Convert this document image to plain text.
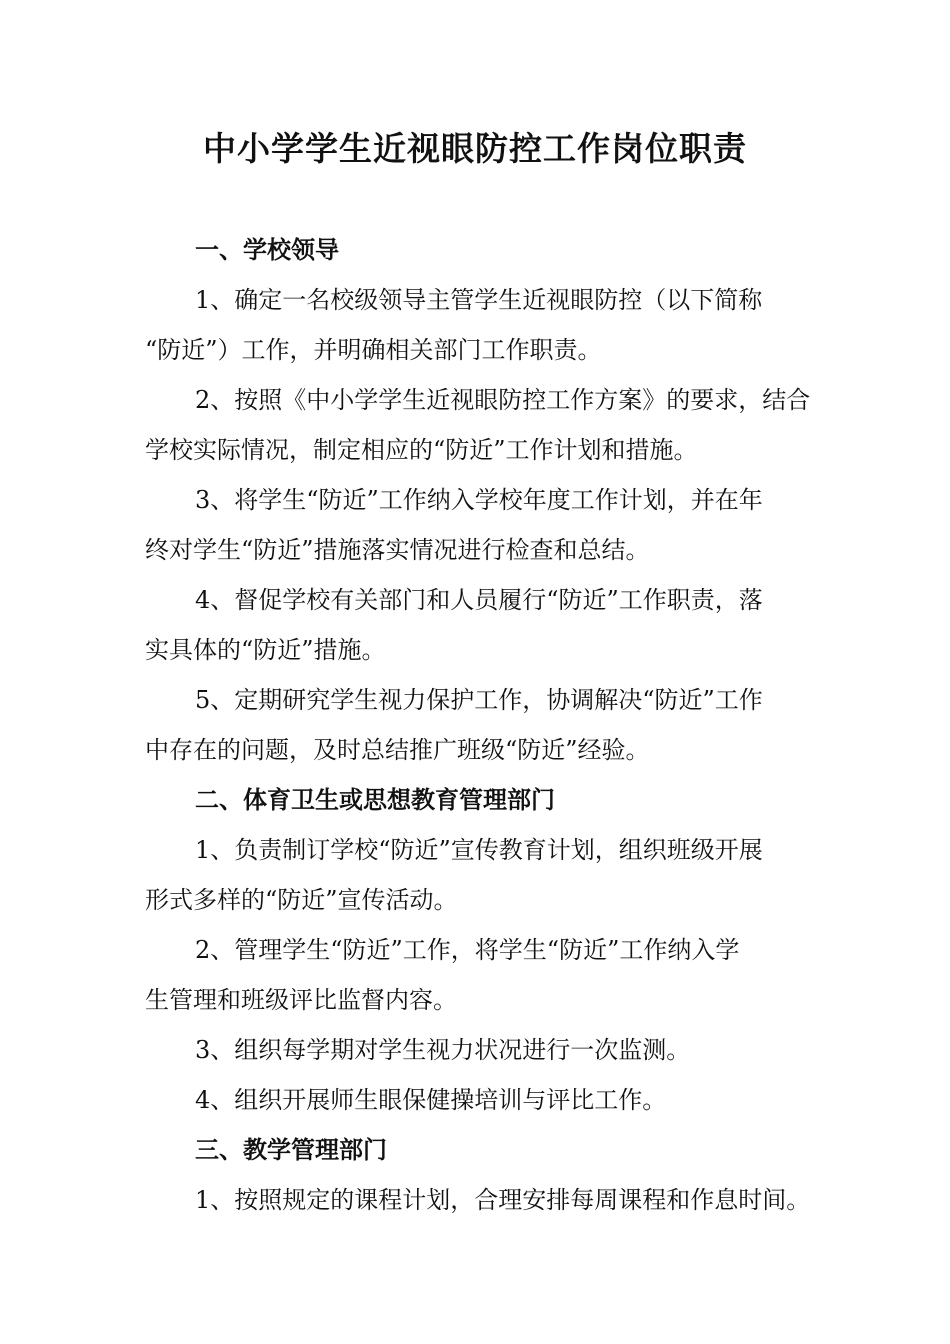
中小学学生近视眼防控工作岗位职责

一、学校领导

1、确定一名校级领导主管学生近视眼防控（以下简称
“防近”）工作，并明确相关部门工作职责。

2、按照《中小学学生近视眼防控工作方案》的要求，结合
学校实际情况，制定相应的“防近”工作计划和措施。

3、将学生“防近”工作纳入学校年度工作计划，并在年
终对学生“防近”措施落实情况进行检查和总结。

4、督促学校有关部门和人员履行“防近”工作职责，落
实具体的“防近”措施。

5、定期研究学生视力保护工作，协调解决“防近”工作
中存在的问题，及时总结推广班级“防近”经验。

二、体育卫生或思想教育管理部门

1、负责制订学校“防近”宣传教育计划，组织班级开展
形式多样的“防近”宣传活动。

2、管理学生“防近”工作，将学生“防近”工作纳入学
生管理和班级评比监督内容。

3、组织每学期对学生视力状况进行一次监测。

4、组织开展师生眼保健操培训与评比工作。

三、教学管理部门

1、按照规定的课程计划，合理安排每周课程和作息时间。
